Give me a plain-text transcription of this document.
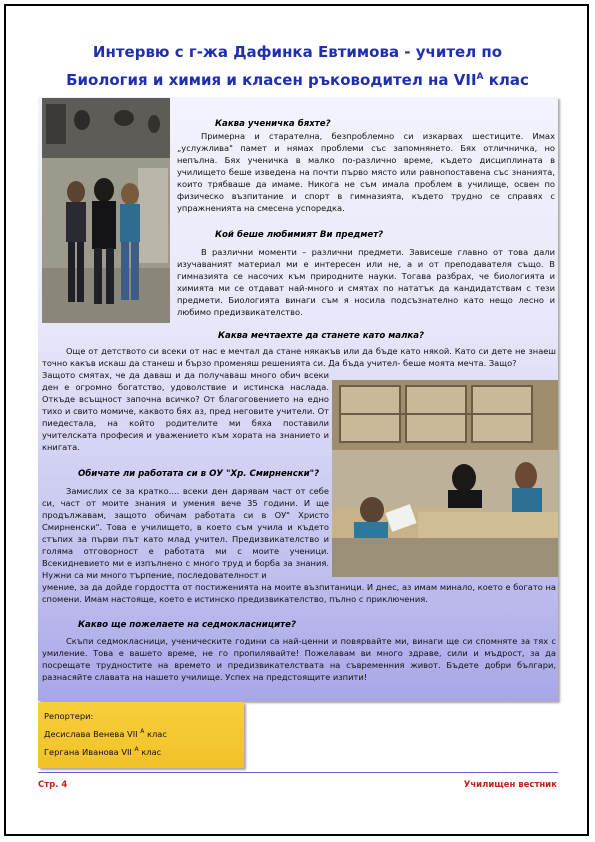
Интервю с г-жа Дафинка Евтимова - учител по
Биология и химия и класен ръководител на $VII^А$ клас
Каква ученичка бяхте?

Примерна и старателна, безпроблемно си изкарвах шестиците. Имах „услужлива" памет и нямах проблеми със запомнянето. Бях отличничка, но непълна. Бях ученичка в малко по-различно време, където дисциплината в училището беше изведена на почти първо място или равнопоставена със знанията, които трябваше да имаме. Никога не съм имала проблем в училище, освен по физическо възпитание и спорт в гимназията, където трудно се справях с упражненията на смесена успоредка.

Кой беше любимият Ви предмет?

В различни моменти – различни предмети. Зависеше главно от това дали изучаваният материал ми е интересен или не, а и от преподавателя също. В гимназията се насочих към природните науки. Тогава разбрах, че биологията и химията ми се отдават най-много и смятах по нататък да кандидатствам с тези предмети. Биологията винаги съм я носила подсъзнателно като нещо лесно и любимо предизвикателство.

Каква мечтаехте да станете като малка?

Още от детството си всеки от нас е мечтал да стане някакъв или да бъде като някой. Като си дете не знаеш точно какъв искаш да станеш и бързо променяш решенията си. Да бъда учител- беше моята мечта. Защо?

Защото смятах, че да даваш и да получаваш много обич всеки ден е огромно богатство, удоволствие и истинска наслада. Откъде всъщност започна всичко? От благоговението на едно тихо и свито момиче, каквото бях аз, пред неговите учители. От пиедестала, на който родителите ми бяха поставили учителската професия и уважението към хората на знанието и книгата.

Обичате ли работата си в ОУ "Хр. Смирненски"?

Замислих се за кратко.... всеки ден дарявам част от себе си, част от моите знания и умения вече 35 години. И ще продължавам, защото обичам работата си в ОУ" Христо Смирненски". Това е училището, в което съм учила и където стъпих за първи път като млад учител. Предизвикателство и голяма отговорност е работата ми с моите ученици. Всекидневието ми е изпълнено с много труд и борба за знания. Нужни са ми много търпение, последователност и

умение, за да дойде гордостта от постиженията на моите възпитаници. И днес, аз имам минало, което е богато на спомени. Имам настояще, което е истинско предизвикателство, пълно с приключения.

Какво ще пожелаете на седмокласниците?

Скъпи седмокласници, ученическите години са най-ценни и повярвайте ми, винаги ще си спомняте за тях с умиление. Това е вашето време, не го пропилявайте! Пожелавам ви много здраве, сили и мъдрост, за да посрещате трудностите на времето и предизвикателствата на съвременния живот. Бъдете добри българи, разнасяйте славата на нашето училище. Успех на предстоящите изпити!

Репортери:
Десислава Венева VII $^А$ клас
Гергана Иванова VII $^А$ клас
Стр. 4	Училищен вестник
